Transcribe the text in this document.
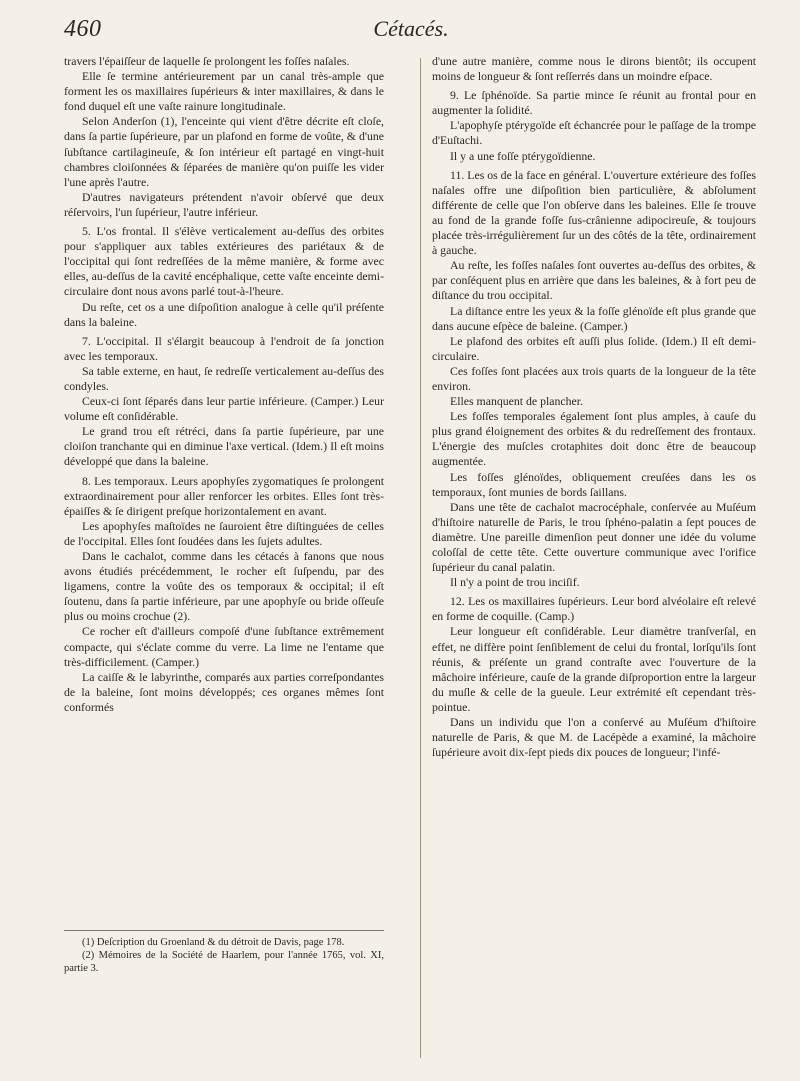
460	Cétacés.

travers l'épaiſſeur de laquelle ſe prolongent les foſſes naſales.

Elle ſe termine antérieurement par un canal très-ample que forment les os maxillaires ſupérieurs & inter maxillaires, & dans le fond duquel eſt une vaſte rainure longitudinale.

Selon Anderſon (1), l'enceinte qui vient d'être décrite eſt cloſe, dans ſa partie ſupérieure, par un plafond en forme de voûte, & d'une ſubſtance cartilagineuſe, & ſon intérieur eſt partagé en vingt-huit chambres cloiſonnées & ſéparées de manière qu'on puiſſe les vider l'une après l'autre.

D'autres navigateurs prétendent n'avoir obſervé que deux réſervoirs, l'un ſupérieur, l'autre inférieur.

5. L'os frontal. Il s'élève verticalement au-deſſus des orbites pour s'appliquer aux tables extérieures des pariétaux & de l'occipital qui ſont redreſſées de la même manière, & forme avec elles, au-deſſus de la cavité encéphalique, cette vaſte enceinte demi-circulaire dont nous avons parlé tout-à-l'heure.

Du reſte, cet os a une diſpoſition analogue à celle qu'il préſente dans la baleine.

7. L'occipital. Il s'élargit beaucoup à l'endroit de ſa jonction avec les temporaux.

Sa table externe, en haut, ſe redreſſe verticalement au-deſſus des condyles.

Ceux-ci ſont ſéparés dans leur partie inférieure. (Camper.) Leur volume eſt conſidérable.

Le grand trou eſt rétréci, dans ſa partie ſupérieure, par une cloiſon tranchante qui en diminue l'axe vertical. (Idem.) Il eſt moins développé que dans la baleine.

8. Les temporaux. Leurs apophyſes zygomatiques ſe prolongent extraordinairement pour aller renforcer les orbites. Elles ſont très-épaiſſes & ſe dirigent preſque horizontalement en avant.

Les apophyſes maſtoïdes ne ſauroient être diſtinguées de celles de l'occipital. Elles ſont ſoudées dans les ſujets adultes.

Dans le cachalot, comme dans les cétacés à fanons que nous avons étudiés précédemment, le rocher eſt ſuſpendu, par des ligamens, contre la voûte des os temporaux & occipital; il eſt ſoutenu, dans ſa partie inférieure, par une apophyſe ou bride oſſeuſe plus ou moins crochue (2).

Ce rocher eſt d'ailleurs compoſé d'une ſubſtance extrêmement compacte, qui s'éclate comme du verre. La lime ne l'entame que très-difficilement. (Camper.)

La caiſſe & le labyrinthe, comparés aux parties correſpondantes de la baleine, ſont moins développés; ces organes mêmes ſont conformés

(1) Deſcription du Groenland & du détroit de Davis, page 178.

(2) Mémoires de la Société de Haarlem, pour l'année 1765, vol. XI, partie 3.

d'une autre manière, comme nous le dirons bientôt; ils occupent moins de longueur & ſont reſſerrés dans un moindre eſpace.

9. Le ſphénoïde. Sa partie mince ſe réunit au frontal pour en augmenter la ſolidité.

L'apophyſe ptérygoïde eſt échancrée pour le paſſage de la trompe d'Euſtachi.

Il y a une foſſe ptérygoïdienne.

11. Les os de la face en général. L'ouverture extérieure des foſſes naſales offre une diſpoſition bien particulière, & abſolument différente de celle que l'on obſerve dans les baleines. Elle ſe trouve au fond de la grande foſſe ſus-crânienne adipocireuſe, & toujours placée très-irrégulièrement ſur un des côtés de la tête, ordinairement à gauche.

Au reſte, les foſſes naſales ſont ouvertes au-deſſus des orbites, & par conſéquent plus en arrière que dans les baleines, & à fort peu de diſtance du trou occipital.

La diſtance entre les yeux & la foſſe glénoïde eſt plus grande que dans aucune eſpèce de baleine. (Camper.)

Le plafond des orbites eſt auſſi plus ſolide. (Idem.) Il eſt demi-circulaire.

Ces foſſes ſont placées aux trois quarts de la longueur de la tête environ.

Elles manquent de plancher.

Les foſſes temporales également ſont plus amples, à cauſe du plus grand éloignement des orbites & du redreſſement des frontaux. L'énergie des muſcles crotaphites doit donc être de beaucoup augmentée.

Les foſſes glénoïdes, obliquement creuſées dans les os temporaux, ſont munies de bords ſaillans.

Dans une tête de cachalot macrocéphale, conſervée au Muſéum d'hiſtoire naturelle de Paris, le trou ſphéno-palatin a ſept pouces de diamètre. Une pareille dimenſion peut donner une idée du volume coloſſal de cette tête. Cette ouverture communique avec l'orifice ſupérieur du canal palatin.

Il n'y a point de trou inciſif.

12. Les os maxillaires ſupérieurs. Leur bord alvéolaire eſt relevé en forme de coquille. (Camp.)

Leur longueur eſt conſidérable. Leur diamètre tranſverſal, en effet, ne diffère point ſenſiblement de celui du frontal, lorſqu'ils ſont réunis, & préſente un grand contraſte avec l'ouverture de la mâchoire inférieure, cauſe de la grande diſproportion entre la largeur du muſle & celle de la gueule. Leur extrémité eſt cependant très-pointue.

Dans un individu que l'on a conſervé au Muſéum d'hiſtoire naturelle de Paris, & que M. de Lacépède a examiné, la mâchoire ſupérieure avoit dix-ſept pieds dix pouces de longueur; l'infé-
